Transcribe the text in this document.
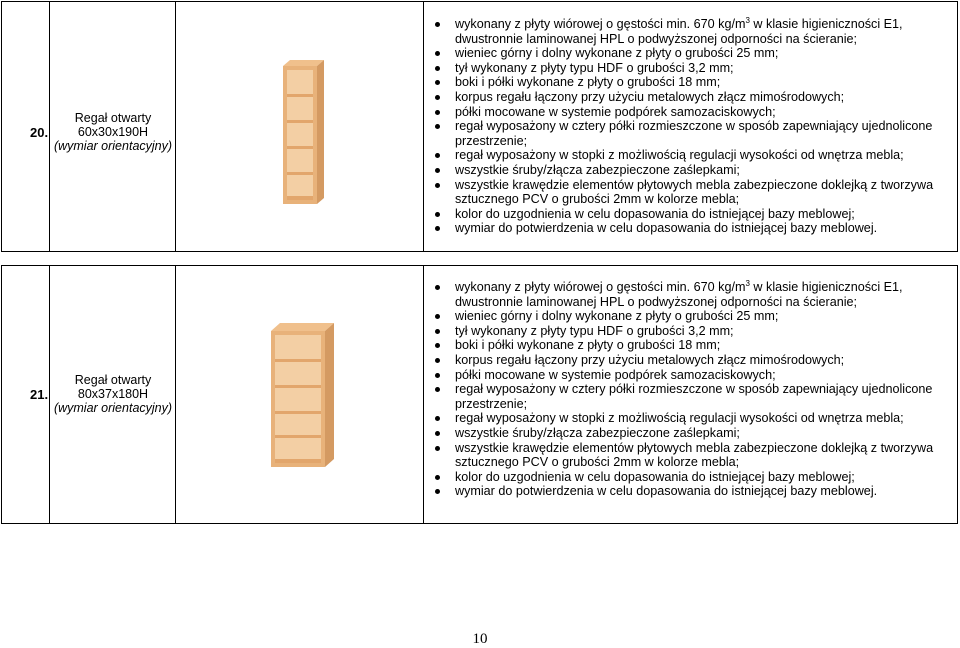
20.
Regał otwarty
60x30x190H
(wymiar orientacyjny)
wykonany z płyty wiórowej o gęstości min. 670 $kg/m^3$ w klasie higieniczności E1, dwustronnie laminowanej HPL o podwyższonej odporności na ścieranie;
wieniec górny i dolny wykonane z płyty o grubości 25 mm;
tył wykonany z płyty typu HDF o grubości 3,2 mm;
boki i półki wykonane z płyty o grubości 18 mm;
korpus regału łączony przy użyciu metalowych złącz mimośrodowych;
półki mocowane w systemie podpórek samozaciskowych;
regał wyposażony w cztery półki rozmieszczone w sposób zapewniający ujednolicone przestrzenie;
regał wyposażony w stopki z możliwością regulacji wysokości od wnętrza mebla;
wszystkie śruby/złącza zabezpieczone zaślepkami;
wszystkie krawędzie elementów płytowych mebla zabezpieczone doklejką z tworzywa sztucznego PCV o grubości 2mm w kolorze mebla;
kolor do uzgodnienia w celu dopasowania do istniejącej bazy meblowej;
wymiar do potwierdzenia w celu dopasowania do istniejącej bazy meblowej.
21.
Regał otwarty
80x37x180H
(wymiar orientacyjny)
wykonany z płyty wiórowej o gęstości min. 670 $kg/m^3$ w klasie higieniczności E1, dwustronnie laminowanej HPL o podwyższonej odporności na ścieranie;
wieniec górny i dolny wykonane z płyty o grubości 25 mm;
tył wykonany z płyty typu HDF o grubości 3,2 mm;
boki i półki wykonane z płyty o grubości 18 mm;
korpus regału łączony przy użyciu metalowych złącz mimośrodowych;
półki mocowane w systemie podpórek samozaciskowych;
regał wyposażony w cztery półki rozmieszczone w sposób zapewniający ujednolicone przestrzenie;
regał wyposażony w stopki z możliwością regulacji wysokości od wnętrza mebla;
wszystkie śruby/złącza zabezpieczone zaślepkami;
wszystkie krawędzie elementów płytowych mebla zabezpieczone doklejką z tworzywa sztucznego PCV o grubości 2mm w kolorze mebla;
kolor do uzgodnienia w celu dopasowania do istniejącej bazy meblowej;
wymiar do potwierdzenia w celu dopasowania do istniejącej bazy meblowej.
10
